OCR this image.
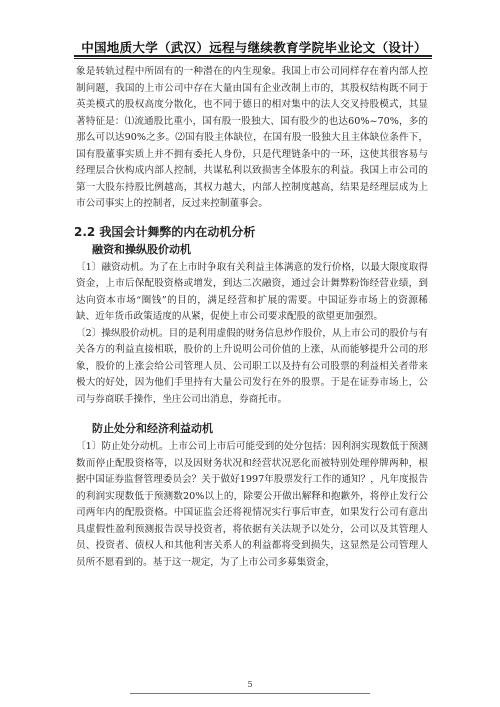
中国地质大学（武汉）远程与继续教育学院毕业论文（设计）

象是转轨过程中所固有的一种潜在的内生现象。我国上市公司同样存在着内部人控制问题，我国的上市公司中存在大量由国有企业改制上市的，其股权结构既不同于英美模式的股权高度分散化，也不同于德日的相对集中的法人交叉持股模式，其显著特征是：⑴流通股比重小，国有股一股独大、国有股少的也达60%~70%，多的那么可以达90%之多。⑵国有股主体缺位，在国有股一股独大且主体缺位条件下，国有股董事实质上并不拥有委托人身份，只是代理链条中的一环，这使其很容易与经理层合伙构成内部人控制，共谋私利以致损害全体股东的利益。我国上市公司的第一大股东持股比例越高，其权力越大，内部人控制度越高，结果是经理层成为上市公司事实上的控制者，反过来控制董事会。

2.2 我国会计舞弊的内在动机分析
融资和操纵股价动机

〔1〕融资动机。为了在上市时争取有关利益主体满意的发行价格，以最大限度取得资金，上市后保配股资格或增发，到达二次融资，通过会计舞弊粉饰经营业绩，到达向资本市场“圈钱”的目的，满足经营和扩展的需要。中国证券市场上的资源稀缺、近年货币政策适度的从紧，促使上市公司要求配股的欲望更加强烈。

〔2〕操纵股价动机。目的是利用虚假的财务信息炒作股价，从上市公司的股价与有关各方的利益直接相联，股价的上升说明公司价值的上涨，从而能够提升公司的形象，股价的上涨会给公司管理人员、公司职工以及持有公司股票的利益相关者带来极大的好处，因为他们手里持有大量公司发行在外的股票。于是在证券市场上，公司与券商联手操作，坐庄公司出消息，券商托市。

防止处分和经济利益动机

〔1〕防止处分动机。上市公司上市后可能受到的处分包括：因利润实现数低于预测数而停止配股资格等，以及因财务状况和经营状况恶化而被特别处理停牌两种，根据中国证券监督管理委员会？关于做好1997年股票发行工作的通知？，凡年度报告的利润实现数低于预测数20%以上的，除要公开做出解释和抱歉外，将停止发行公司两年内的配股资格。中国证监会还将视情况实行事后审查，如果发行公司有意出具虚假性盈利预测报告误导投资者，将依据有关法规予以处分，公司以及其管理人员、投资者、债权人和其他利害关系人的利益都将受到损失，这显然是公司管理人员所不愿看到的。基于这一规定，为了上市公司多募集资金，

5
